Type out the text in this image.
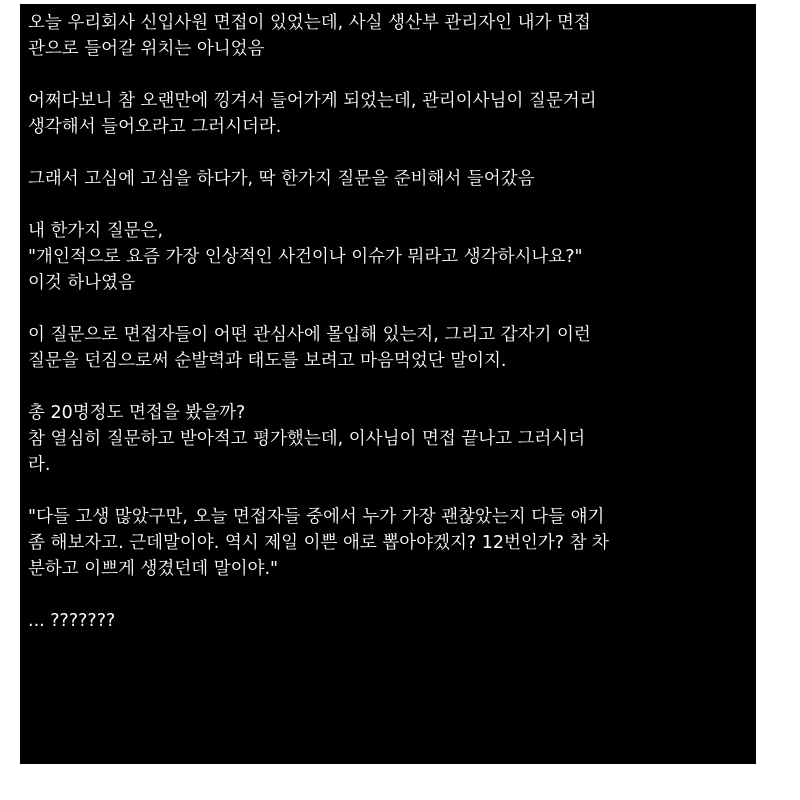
오늘 우리회사 신입사원 면접이 있었는데, 사실 생산부 관리자인 내가 면접
관으로 들어갈 위치는 아니었음

어쩌다보니 참 오랜만에 낑겨서 들어가게 되었는데, 관리이사님이 질문거리
생각해서 들어오라고 그러시더라.

그래서 고심에 고심을 하다가, 딱 한가지 질문을 준비해서 들어갔음

내 한가지 질문은,
"개인적으로 요즘 가장 인상적인 사건이나 이슈가 뭐라고 생각하시나요?"
이것 하나였음

이 질문으로 면접자들이 어떤 관심사에 몰입해 있는지, 그리고 갑자기 이런
질문을 던짐으로써 순발력과 태도를 보려고 마음먹었단 말이지.

총 20명정도 면접을 봤을까?
참 열심히 질문하고 받아적고 평가했는데, 이사님이 면접 끝나고 그러시더
라.

"다들 고생 많았구만, 오늘 면접자들 중에서 누가 가장 괜찮았는지 다들 얘기
좀 해보자고. 근데말이야. 역시 제일 이쁜 애로 뽑아야겠지? 12번인가? 참 차
분하고 이쁘게 생겼던데 말이야."

... ???????
